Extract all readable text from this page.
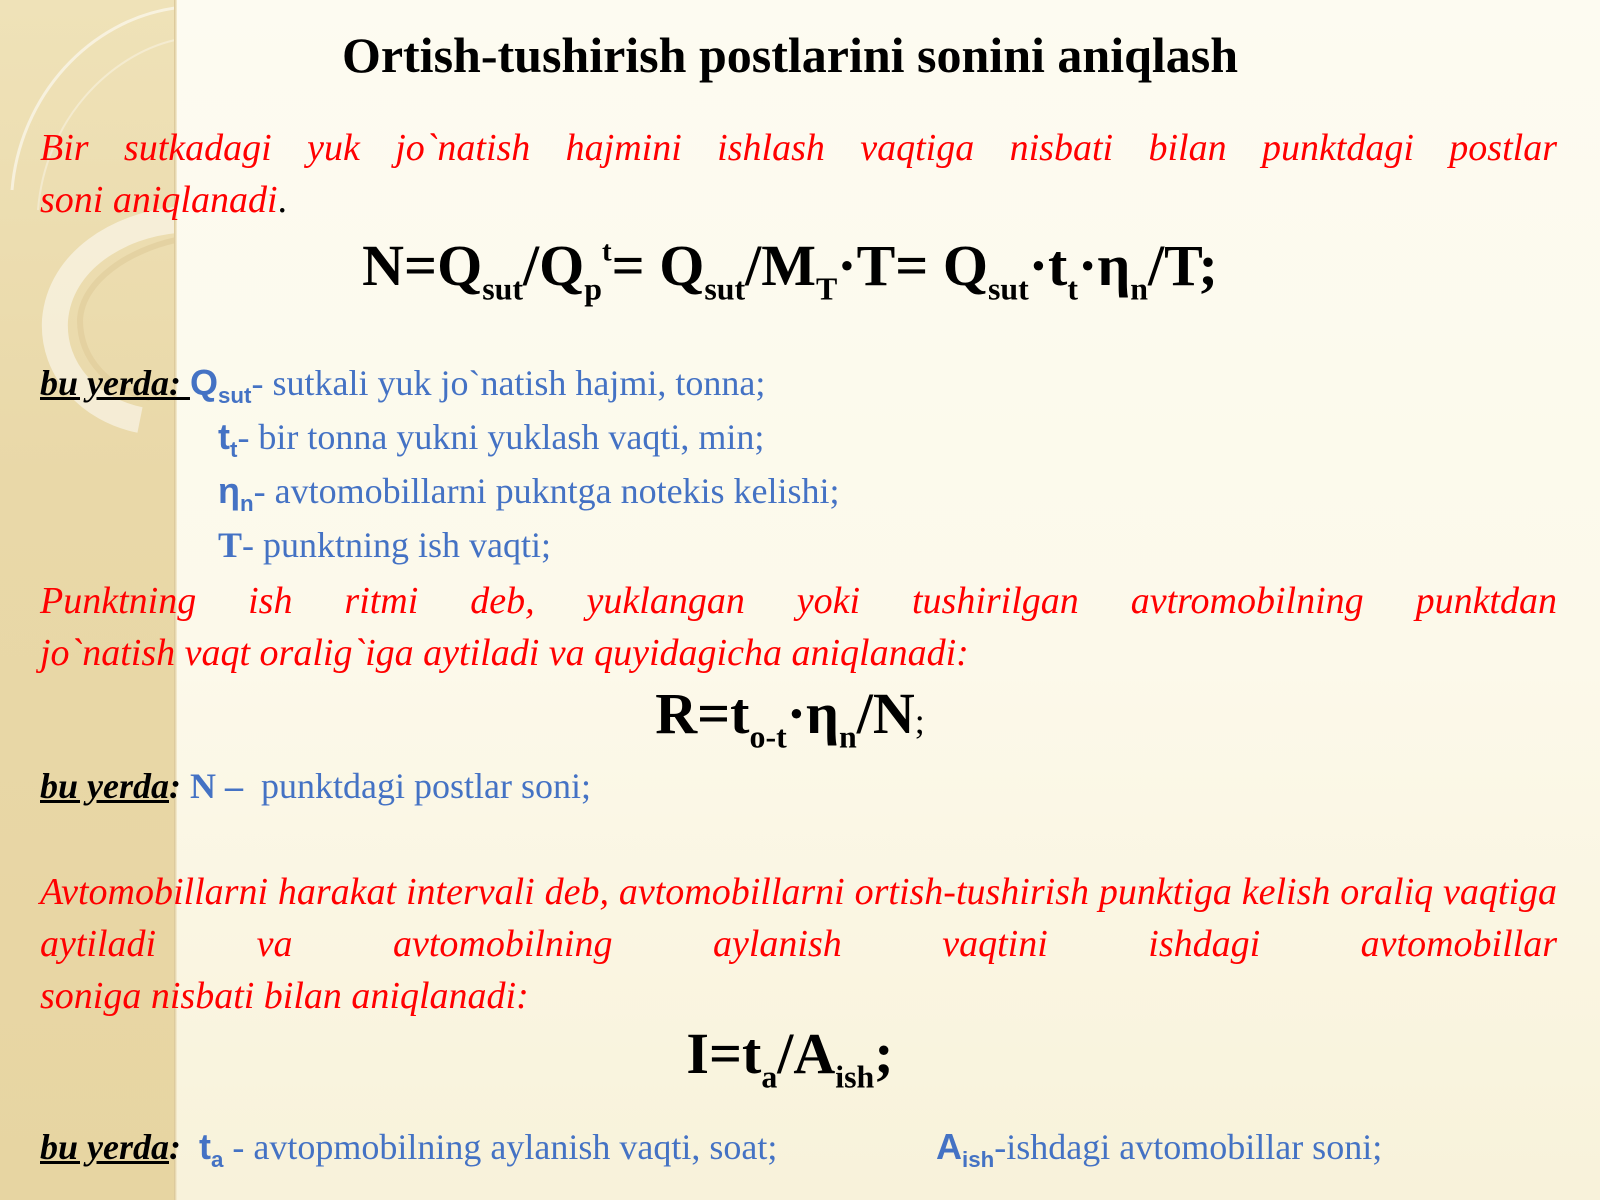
Ortish-tushirish postlarini sonini aniqlash
Bir sutkadagi yuk jo`natish hajmini ishlash vaqtiga nisbati bilan punktdagi postlar
soni aniqlanadi.
$N=Q_{sut}/Q_p^t= Q_{sut}/M_T\cdot T= Q_{sut}\cdot t_t\cdot\eta_n/T$;
bu yerda: $Q_{sut}-$ sutkali yuk jo`natish hajmi, tonna;
$t_t-$ bir tonna yukni yuklash vaqti, min;
$\eta_n-$ avtomobillarni pukntga notekis kelishi;
T- punktning ish vaqti;
Punktning ish ritmi deb, yuklangan yoki tushirilgan avtromobilning punktdan
jo`natish vaqt oralig`iga aytiladi va quyidagicha aniqlanadi:
$R=t_{o-t}\cdot\eta_n/N$;
bu yerda: N –  punktdagi postlar soni;
Avtomobillarni harakat intervali deb, avtomobillarni ortish-tushirish punktiga kelish oraliq vaqtiga aytiladi va avtomobilning aylanish vaqtini ishdagi avtomobillar
soniga nisbati bilan aniqlanadi:
$I=t_a/A_{ish}$;
bu yerda: $t_a$ - avtopmobilning aylanish vaqti, soat;	$A_{ish}$-ishdagi avtomobillar soni;
